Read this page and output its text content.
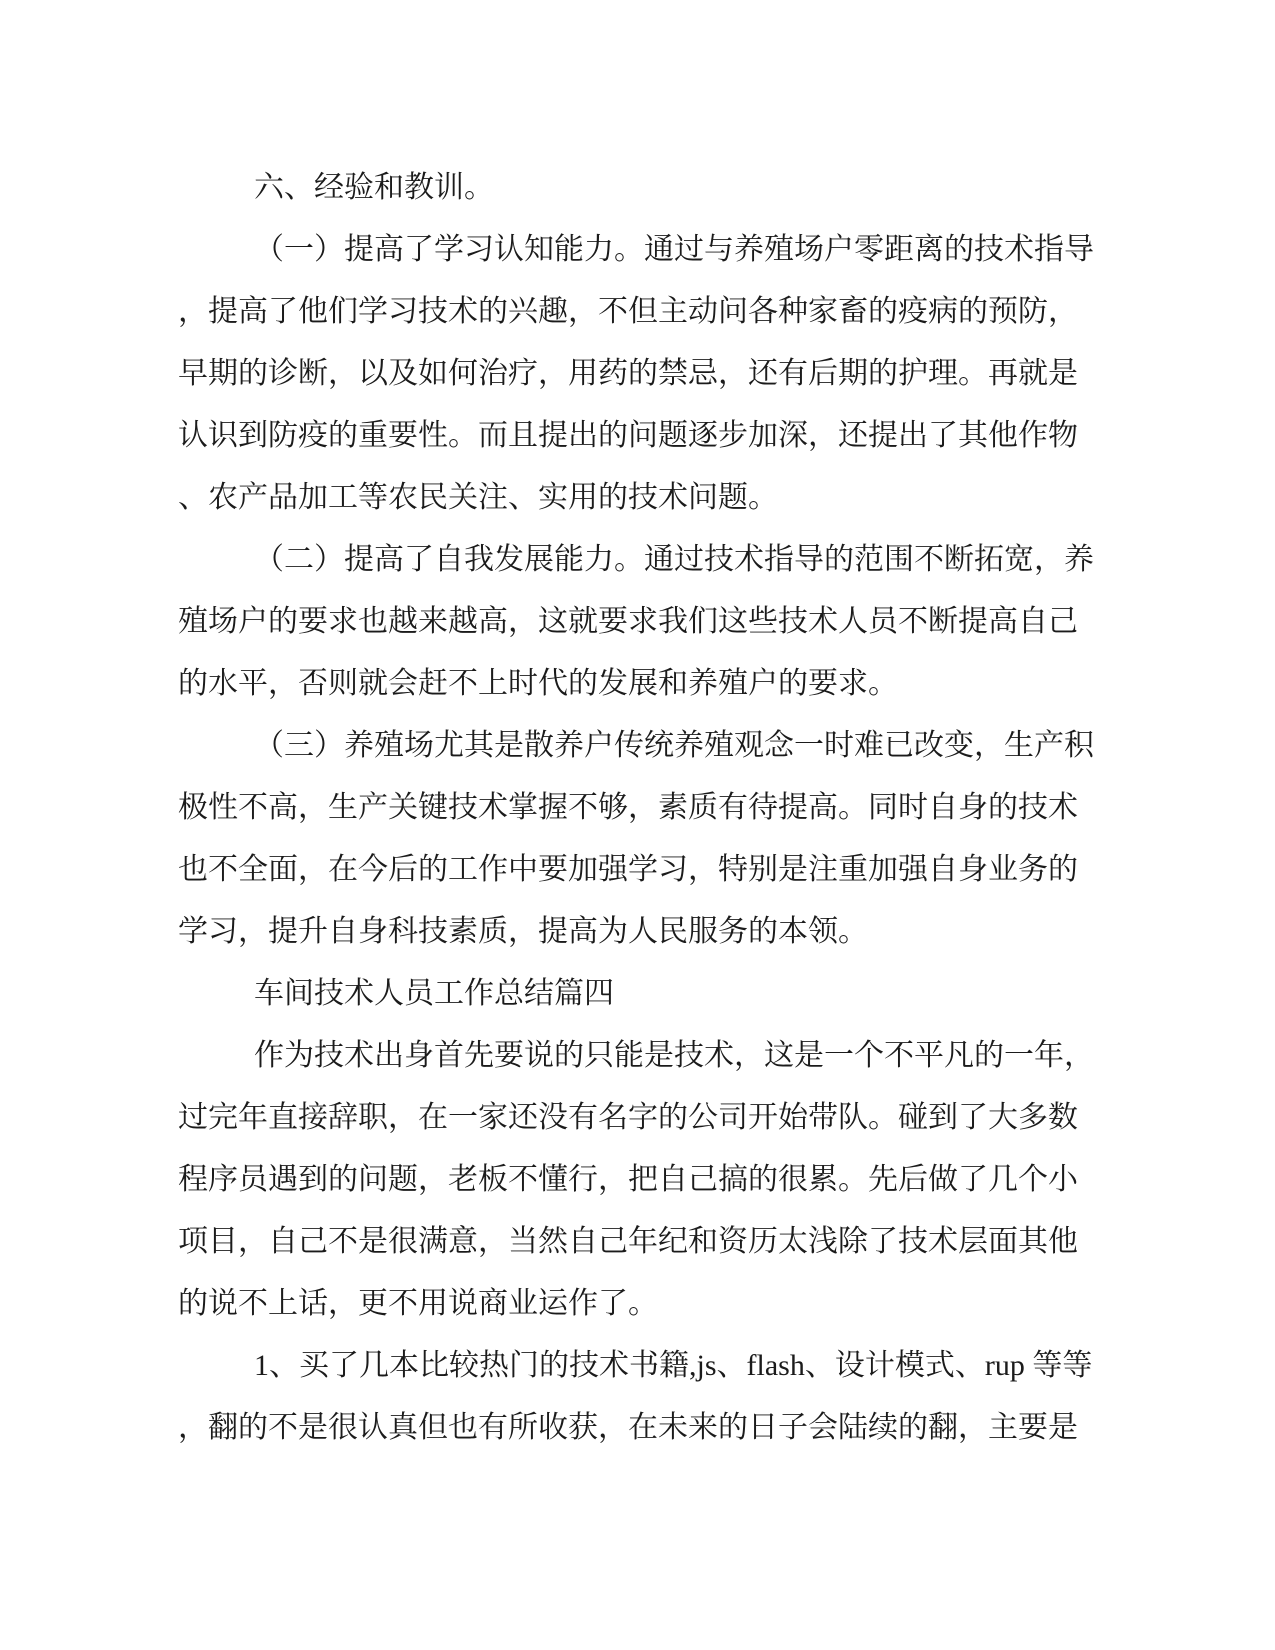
六、经验和教训。
（一）提高了学习认知能力。通过与养殖场户零距离的技术指导
，提高了他们学习技术的兴趣，不但主动问各种家畜的疫病的预防，
早期的诊断，以及如何治疗，用药的禁忌，还有后期的护理。再就是
认识到防疫的重要性。而且提出的问题逐步加深，还提出了其他作物
、农产品加工等农民关注、实用的技术问题。
（二）提高了自我发展能力。通过技术指导的范围不断拓宽，养
殖场户的要求也越来越高，这就要求我们这些技术人员不断提高自己
的水平，否则就会赶不上时代的发展和养殖户的要求。
（三）养殖场尤其是散养户传统养殖观念一时难已改变，生产积
极性不高，生产关键技术掌握不够，素质有待提高。同时自身的技术
也不全面，在今后的工作中要加强学习，特别是注重加强自身业务的
学习，提升自身科技素质，提高为人民服务的本领。
车间技术人员工作总结篇四
作为技术出身首先要说的只能是技术，这是一个不平凡的一年，
过完年直接辞职，在一家还没有名字的公司开始带队。碰到了大多数
程序员遇到的问题，老板不懂行，把自己搞的很累。先后做了几个小
项目，自己不是很满意，当然自己年纪和资历太浅除了技术层面其他
的说不上话，更不用说商业运作了。
1、买了几本比较热门的技术书籍,js、flash、设计模式、rup 等等
，翻的不是很认真但也有所收获，在未来的日子会陆续的翻，主要是
